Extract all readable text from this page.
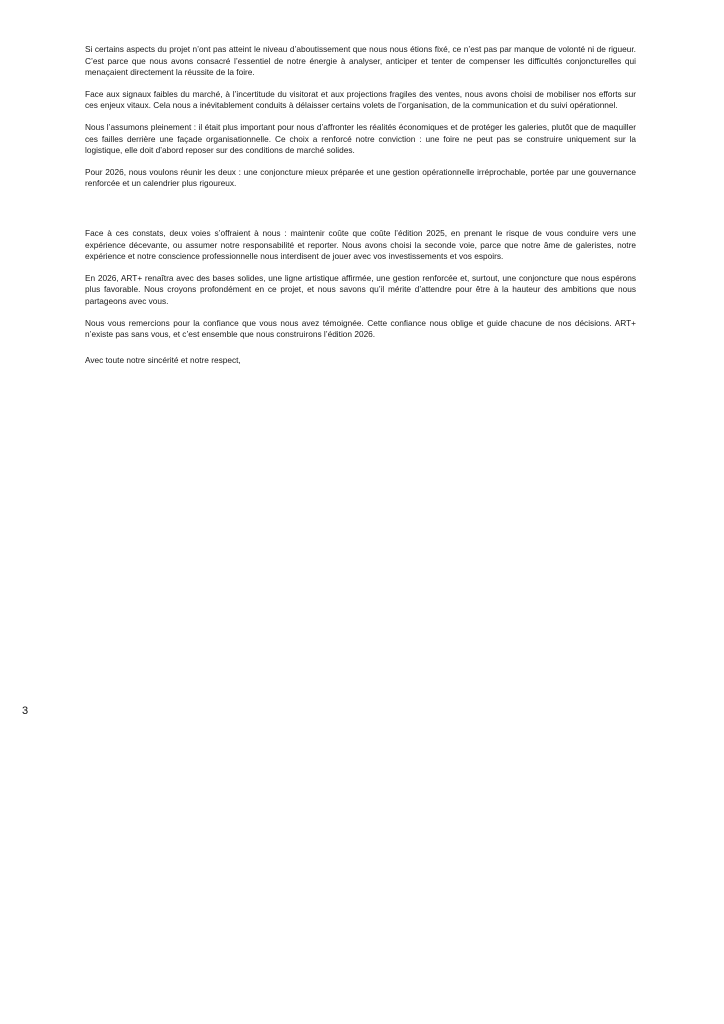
Si certains aspects du projet n’ont pas atteint le niveau d’aboutissement que nous nous étions fixé, ce n’est pas par manque de volonté ni de rigueur. C’est parce que nous avons consacré l’essentiel de notre énergie à analyser, anticiper et tenter de compenser les difficultés conjoncturelles qui menaçaient directement la réussite de la foire.

Face aux signaux faibles du marché, à l’incertitude du visitorat et aux projections fragiles des ventes, nous avons choisi de mobiliser nos efforts sur ces enjeux vitaux. Cela nous a inévitablement conduits à délaisser certains volets de l’organisation, de la communication et du suivi opérationnel.

Nous l’assumons pleinement : il était plus important pour nous d’affronter les réalités économiques et de protéger les galeries, plutôt que de maquiller ces failles derrière une façade organisationnelle. Ce choix a renforcé notre conviction : une foire ne peut pas se construire uniquement sur la logistique, elle doit d’abord reposer sur des conditions de marché solides.

Pour 2026, nous voulons réunir les deux : une conjoncture mieux préparée et une gestion opérationnelle irréprochable, portée par une gouvernance renforcée et un calendrier plus rigoureux.

Face à ces constats, deux voies s’offraient à nous : maintenir coûte que coûte l’édition 2025, en prenant le risque de vous conduire vers une expérience décevante, ou assumer notre responsabilité et reporter. Nous avons choisi la seconde voie, parce que notre âme de galeristes, notre expérience et notre conscience professionnelle nous interdisent de jouer avec vos investissements et vos espoirs.

En 2026, ART+ renaîtra avec des bases solides, une ligne artistique affirmée, une gestion renforcée et, surtout, une conjoncture que nous espérons plus favorable. Nous croyons profondément en ce projet, et nous savons qu’il mérite d’attendre pour être à la hauteur des ambitions que nous partageons avec vous.

Nous vous remercions pour la confiance que vous nous avez témoignée. Cette confiance nous oblige et guide chacune de nos décisions. ART+ n’existe pas sans vous, et c’est ensemble que nous construirons l’édition 2026.

Avec toute notre sincérité et notre respect,

3
